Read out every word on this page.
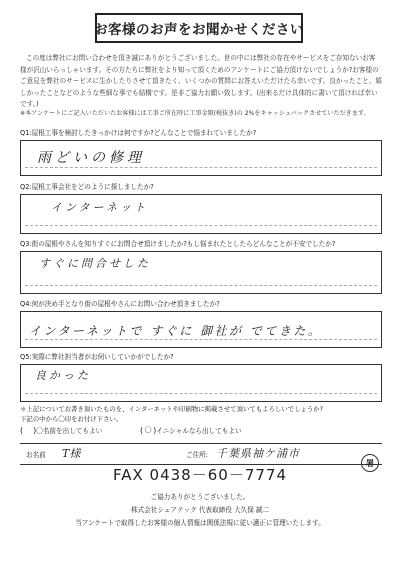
お客様のお声をお聞かせください

この度は弊社にお問い合わせを頂き誠にありがとうございました。世の中には弊社の存在やサービスをご存知ないお客様が沢山いらっしゃいます。その方たちに弊社をより知って頂くためのアンケートにご協力頂けないでしょうか?お客様のご意見を弊社のサービスに生かしたりさせて頂きたく、いくつかの質問にお答えいただけたら幸いです。良かったこと、嬉しかったことなどのような些細な事でも結構です。是非ご協力お願い致します。(出来るだけ具体的に書いて頂ければ幸いです。)

※本アンケートにご記入いただいたお客様には工事ご所在時に工事金額(税抜き)の 2%をキャッシュバックさせていただきます。
Q1:屋根工事を検討したきっかけは何ですか?どんなことで悩まれていましたか?
雨どいの修理
Q2:屋根工事会社をどのように探しましたか?
インターネット
Q3:街の屋根やさんを知りすぐにお問合せ頂けましたか?もし悩まれたとしたらどんなことが不安でしたか?
すぐに問合せした
Q4:何が決め手となり街の屋根やさんにお問い合わせ頂きましたか?
インターネットで すぐに 御社が でてきた。
Q5:実際に弊社担当者がお伺いしていかがでしたか?
良かった
＊上記についてお書き頂いたものを、インターネットや印刷物に掲載させて頂いてもよろしいでしょうか?
下記の中から〇印をお付け下さい。
( ) 〇名前を出してもよい	( 〇 ) イニシャルなら出してもよい
お名前 T様	ご住所: 千葉県袖ケ浦市
署
FAX 0438－60－7774
ご協力ありがとうございました。
株式会社シェアテック 代表取締役 大久保 誠二
当アンケートで取得したお客様の個人情報は関係法規に従い適正に管理いたします。
